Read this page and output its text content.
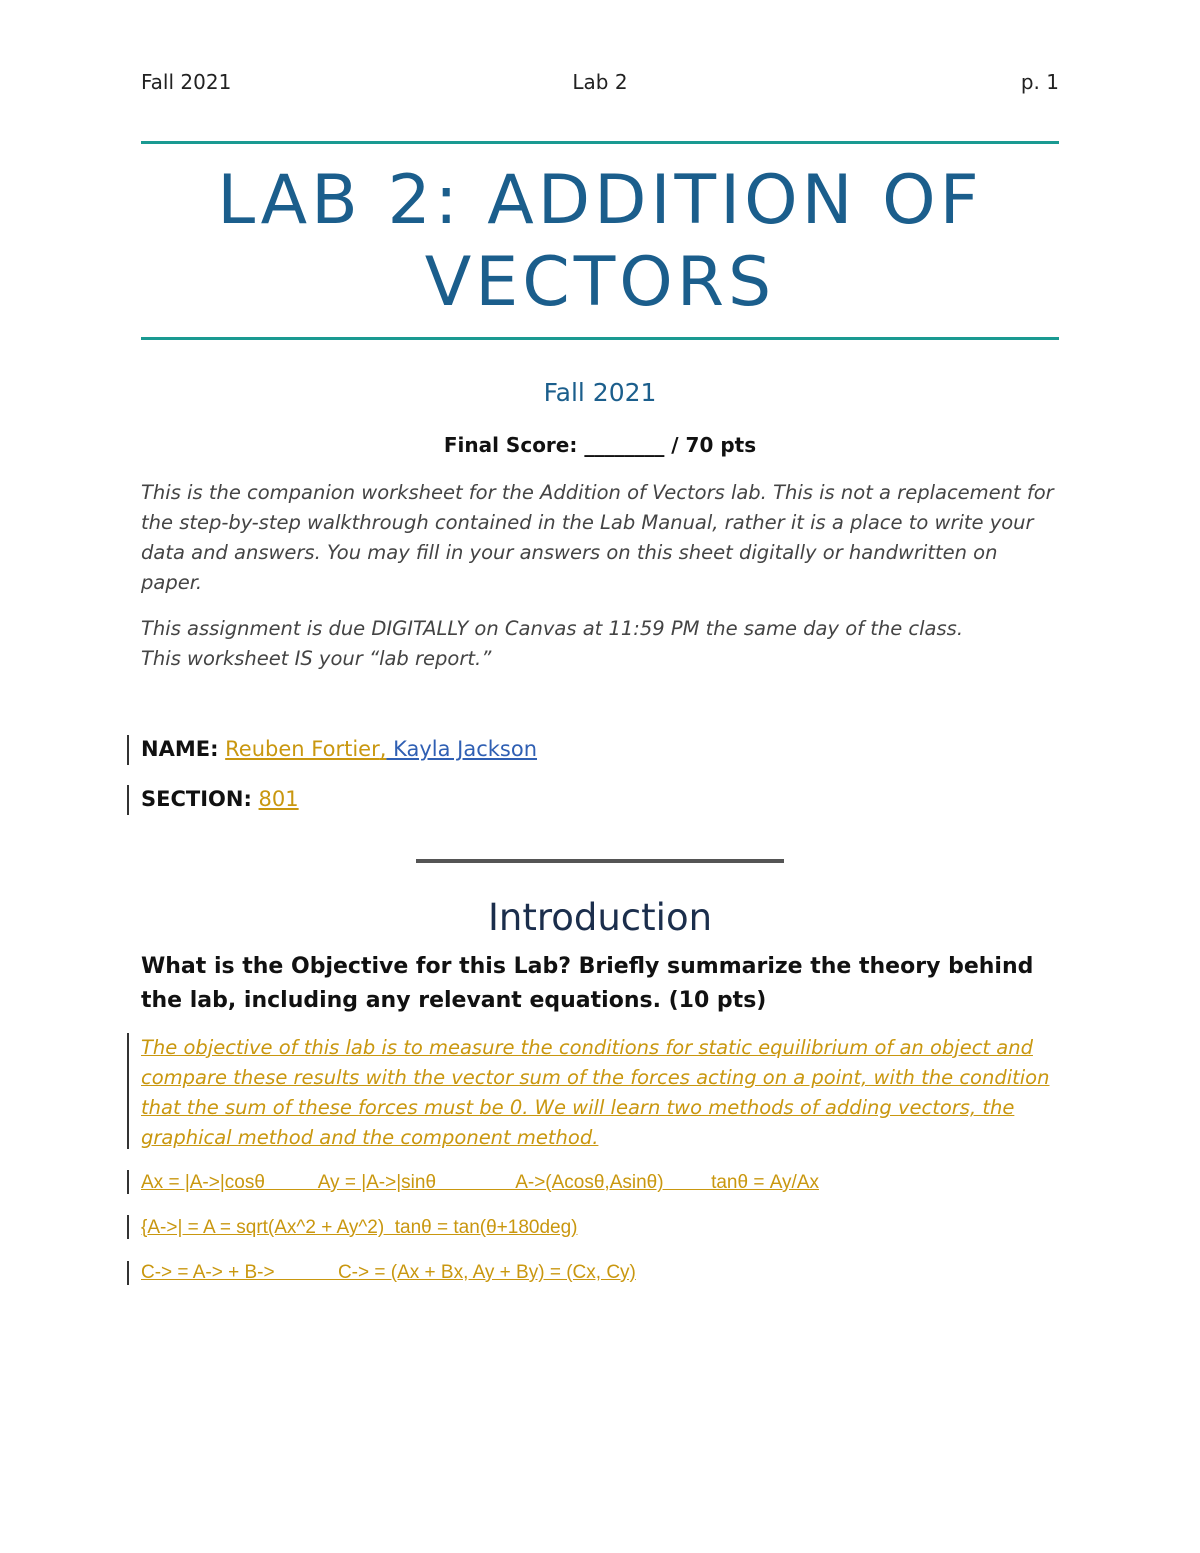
Fall 2021	Lab 2	p. 1
LAB 2: ADDITION OF
VECTORS
Fall 2021
Final Score: ________ / 70 pts

This is the companion worksheet for the Addition of Vectors lab. This is not a replacement for the step-by-step walkthrough contained in the Lab Manual, rather it is a place to write your data and answers. You may fill in your answers on this sheet digitally or handwritten on paper.

This assignment is due DIGITALLY on Canvas at 11:59 PM the same day of the class.
This worksheet IS your “lab report.”

NAME: Reuben Fortier, Kayla Jackson
SECTION: 801
Introduction

What is the Objective for this Lab? Briefly summarize the theory behind the lab, including any relevant equations. (10 pts)

The objective of this lab is to measure the conditions for static equilibrium of an object and compare these results with the vector sum of the forces acting on a point, with the condition that the sum of these forces must be 0. We will learn two methods of adding vectors, the graphical method and the component method.

Ax = |A->|cosθ          Ay = |A->|sinθ               A->(Acosθ,Asinθ)         tanθ = Ay/Ax
{A->| = A = sqrt(Ax^2 + Ay^2)  tanθ = tan(θ+180deg)
C-> = A-> + B->            C-> = (Ax + Bx, Ay + By) = (Cx, Cy)
